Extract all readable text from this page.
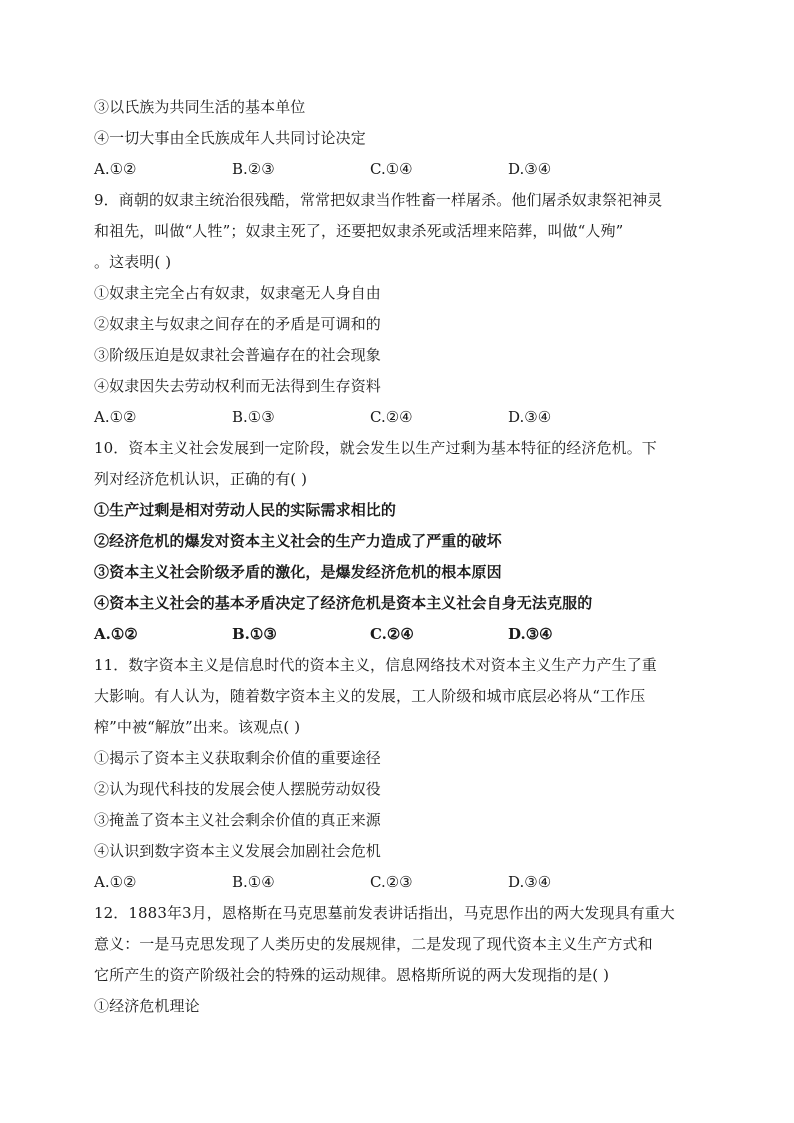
③以氏族为共同生活的基本单位
④一切大事由全氏族成年人共同讨论决定
A.①②	B.②③	C.①④	D.③④
9．商朝的奴隶主统治很残酷，常常把奴隶当作牲畜一样屠杀。他们屠杀奴隶祭祀神灵
和祖先，叫做“人牲”；奴隶主死了，还要把奴隶杀死或活埋来陪葬，叫做“人殉”
。这表明( )
①奴隶主完全占有奴隶，奴隶毫无人身自由
②奴隶主与奴隶之间存在的矛盾是可调和的
③阶级压迫是奴隶社会普遍存在的社会现象
④奴隶因失去劳动权利而无法得到生存资料
A.①②	B.①③	C.②④	D.③④
10．资本主义社会发展到一定阶段，就会发生以生产过剩为基本特征的经济危机。下
列对经济危机认识，正确的有( )
①生产过剩是相对劳动人民的实际需求相比的
②经济危机的爆发对资本主义社会的生产力造成了严重的破坏
③资本主义社会阶级矛盾的激化，是爆发经济危机的根本原因
④资本主义社会的基本矛盾决定了经济危机是资本主义社会自身无法克服的
A.①②	B.①③	C.②④	D.③④
11．数字资本主义是信息时代的资本主义，信息网络技术对资本主义生产力产生了重
大影响。有人认为，随着数字资本主义的发展，工人阶级和城市底层必将从“工作压
榨”中被“解放”出来。该观点( )
①揭示了资本主义获取剩余价值的重要途径
②认为现代科技的发展会使人摆脱劳动奴役
③掩盖了资本主义社会剩余价值的真正来源
④认识到数字资本主义发展会加剧社会危机
A.①②	B.①④	C.②③	D.③④
12．1883年3月，恩格斯在马克思墓前发表讲话指出，马克思作出的两大发现具有重大
意义：一是马克思发现了人类历史的发展规律，二是发现了现代资本主义生产方式和
它所产生的资产阶级社会的特殊的运动规律。恩格斯所说的两大发现指的是( )
①经济危机理论
